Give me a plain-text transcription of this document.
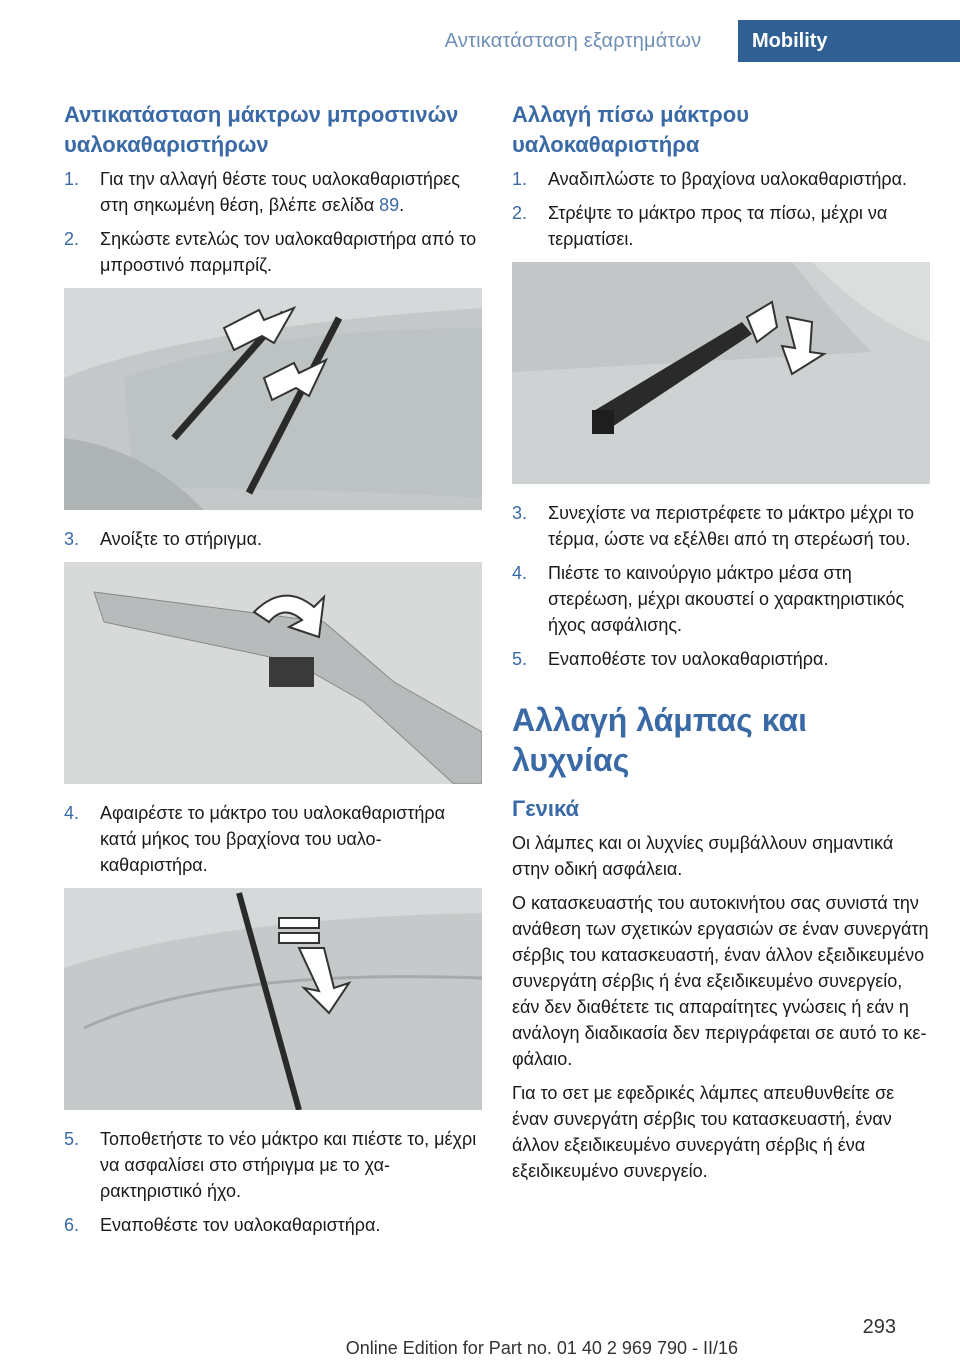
Αντικατάσταση εξαρτημάτων	Mobility
Αντικατάσταση μάκτρων μπροστινών υαλοκαθαριστήρων
1.	Για την αλλαγή θέστε τους υαλοκαθαριστήρες στη σηκωμένη θέση, βλέπε σελίδα 89.
2.	Σηκώστε εντελώς τον υαλοκαθαριστήρα από το μπροστινό παρμπρίζ.
3.	Ανοίξτε το στήριγμα.
4.	Αφαιρέστε το μάκτρο του υαλοκαθαριστήρα κατά μήκος του βραχίονα του υαλοκαθαριστήρα.
5.	Τοποθετήστε το νέο μάκτρο και πιέστε το, μέχρι να ασφαλίσει στο στήριγμα με το χαρακτηριστικό ήχο.
6.	Εναποθέστε τον υαλοκαθαριστήρα.
Αλλαγή πίσω μάκτρου υαλοκαθαριστήρα
1.	Αναδιπλώστε το βραχίονα υαλοκαθαριστήρα.
2.	Στρέψτε το μάκτρο προς τα πίσω, μέχρι να τερματίσει.
3.	Συνεχίστε να περιστρέφετε το μάκτρο μέχρι το τέρμα, ώστε να εξέλθει από τη στερέωσή του.
4.	Πιέστε το καινούργιο μάκτρο μέσα στη στερέωση, μέχρι ακουστεί ο χαρακτηριστικός ήχος ασφάλισης.
5.	Εναποθέστε τον υαλοκαθαριστήρα.
Αλλαγή λάμπας και λυχνίας
Γενικά

Οι λάμπες και οι λυχνίες συμβάλλουν σημαντικά στην οδική ασφάλεια.

Ο κατασκευαστής του αυτοκινήτου σας συνιστά την ανάθεση των σχετικών εργασιών σε έναν συνεργάτη σέρβις του κατασκευαστή, έναν άλλον εξειδικευμένο συνεργάτη σέρβις ή ένα εξειδικευμένο συνεργείο, εάν δεν διαθέτετε τις απαραίτητες γνώσεις ή εάν η ανάλογη διαδικασία δεν περιγράφεται σε αυτό το κεφάλαιο.

Για το σετ με εφεδρικές λάμπες απευθυνθείτε σε έναν συνεργάτη σέρβις του κατασκευαστή, έναν άλλον εξειδικευμένο συνεργάτη σέρβις ή ένα εξειδικευμένο συνεργείο.

293
Online Edition for Part no. 01 40 2 969 790 - II/16
